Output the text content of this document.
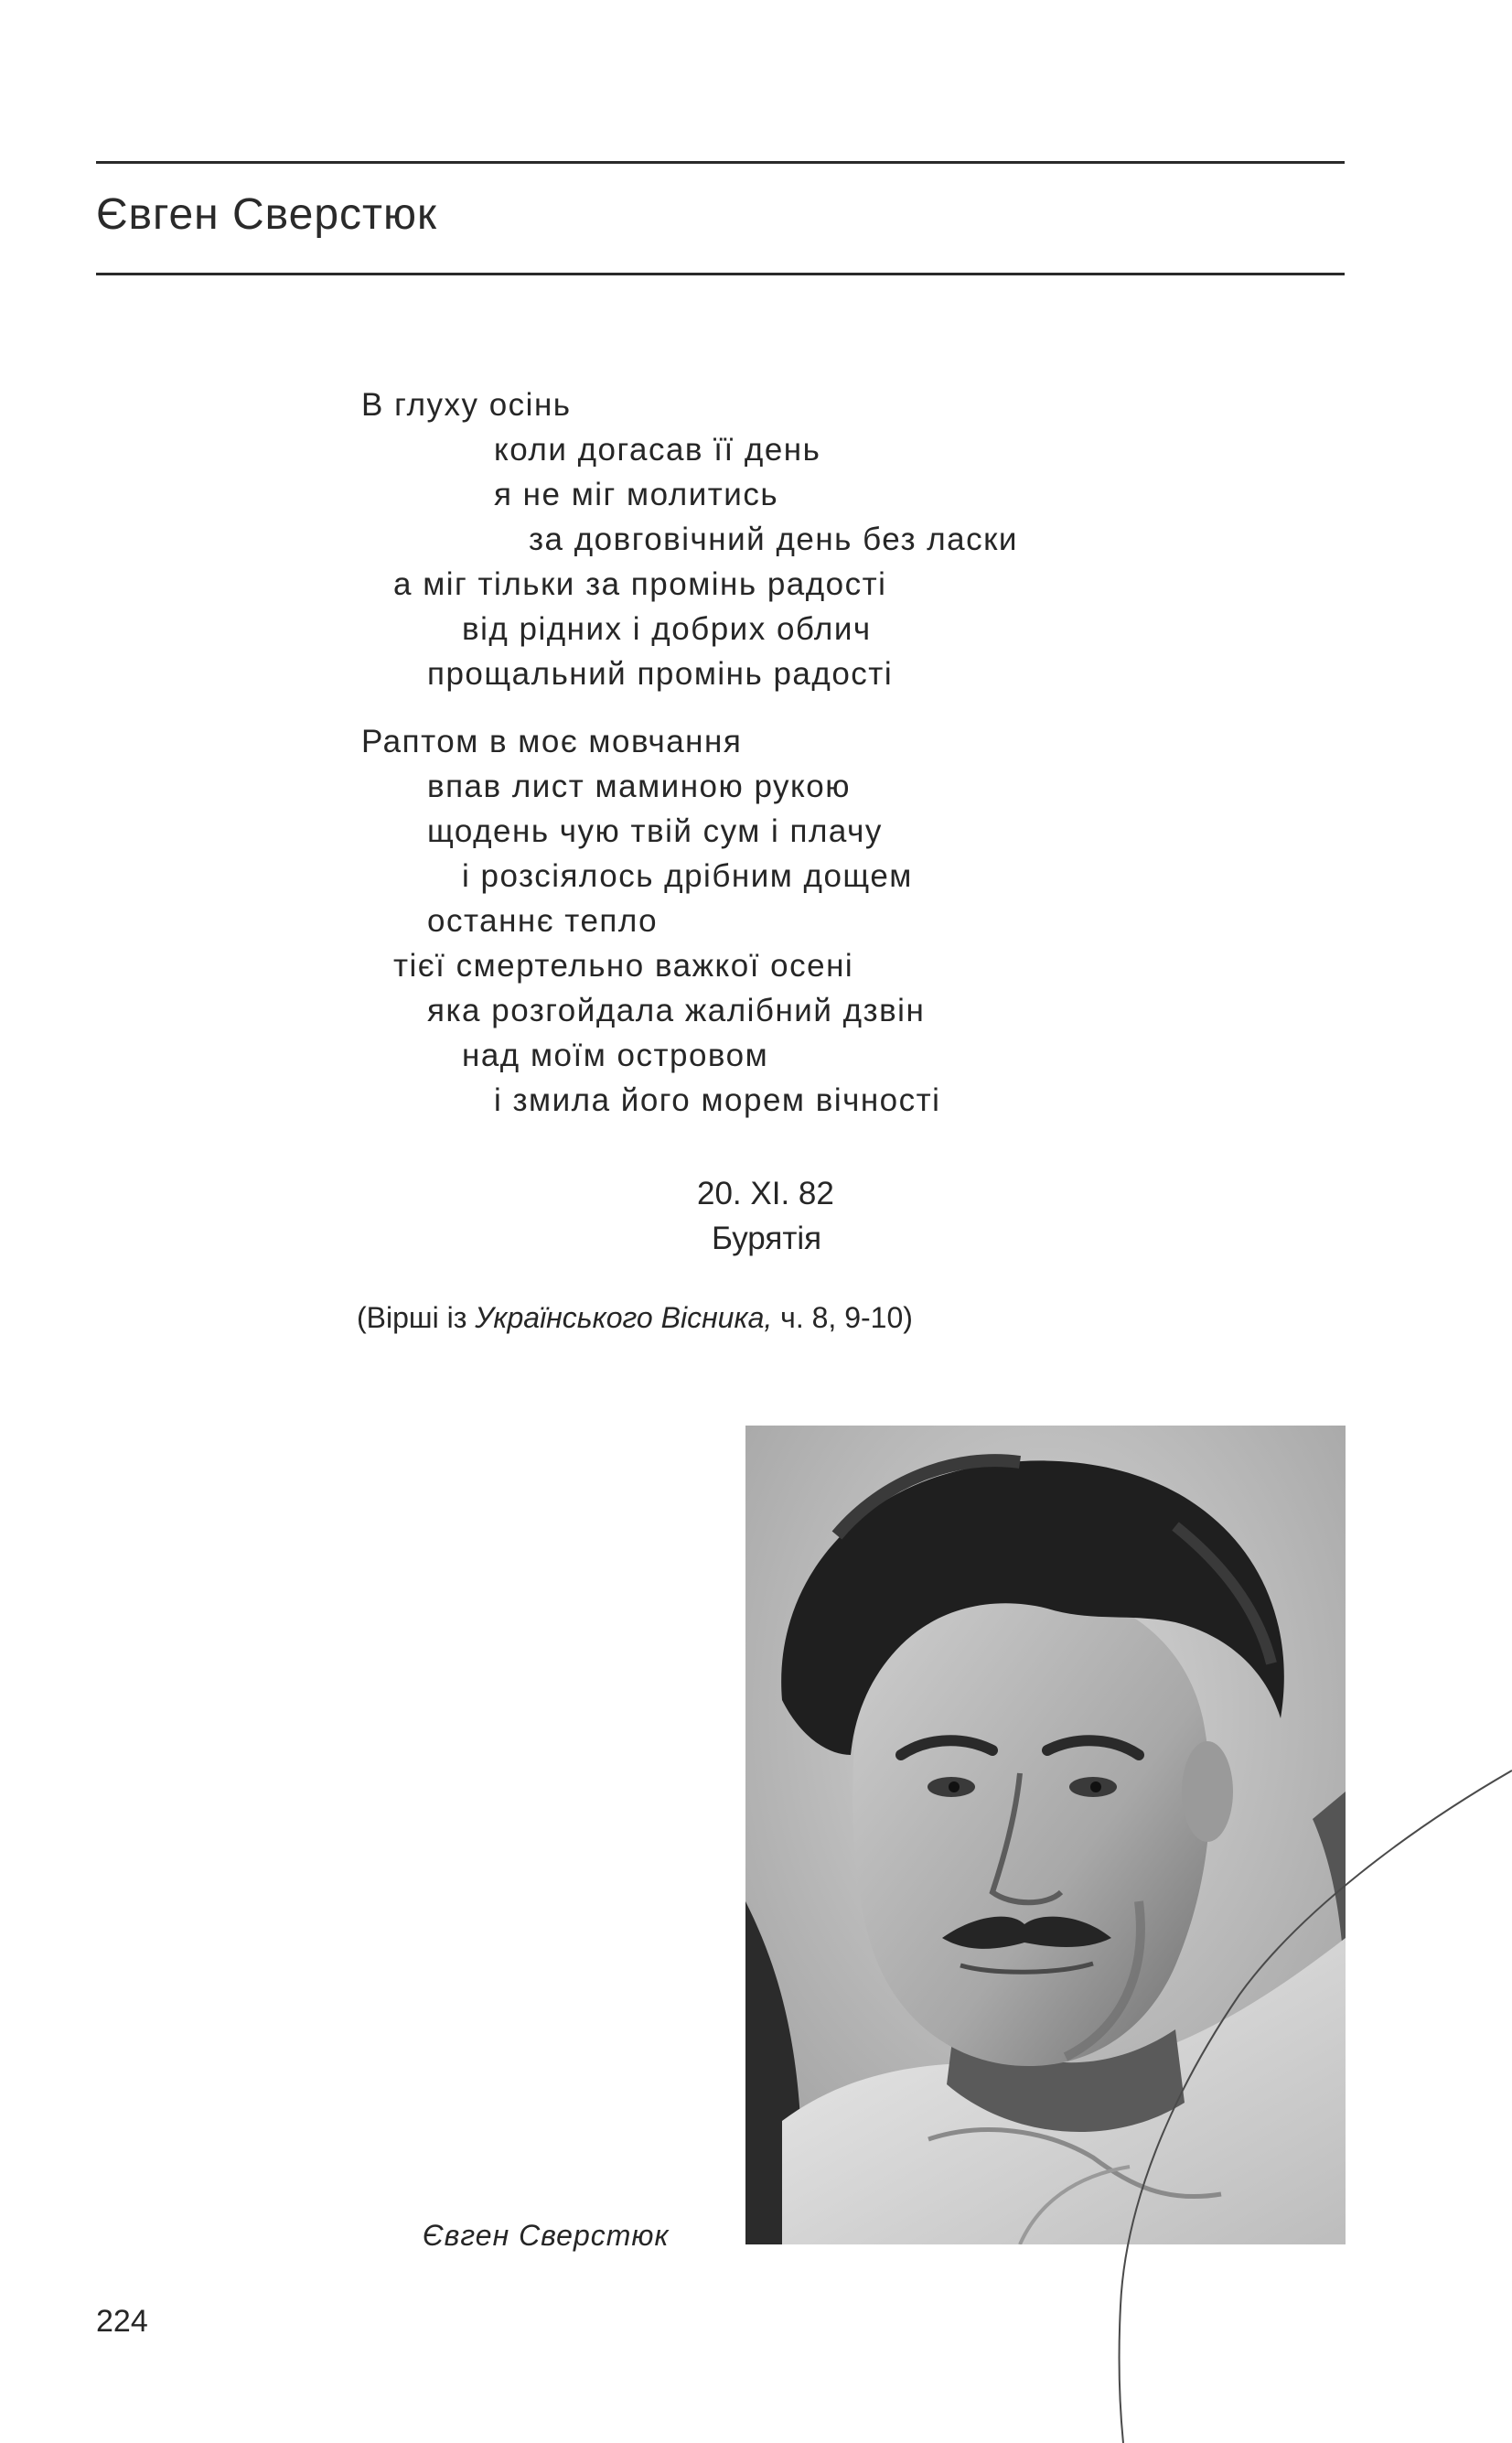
Євген Сверстюк
В глуху осінь
коли догасав її день
я не міг молитись
за довговічний день без ласки
а міг тільки за промінь радості
від рідних і добрих облич
прощальний промінь радості
Раптом в моє мовчання
впав лист маминою рукою
щодень чую твій сум і плачу
і розсіялось дрібним дощем
останнє тепло
тієї смертельно важкої осені
яка розгойдала жалібний дзвін
над моїм островом
і змила його морем вічності
20. XI. 82
Бурятія
(Вірші із Українського Вісника, ч. 8, 9-10)
Євген Сверстюк
224
